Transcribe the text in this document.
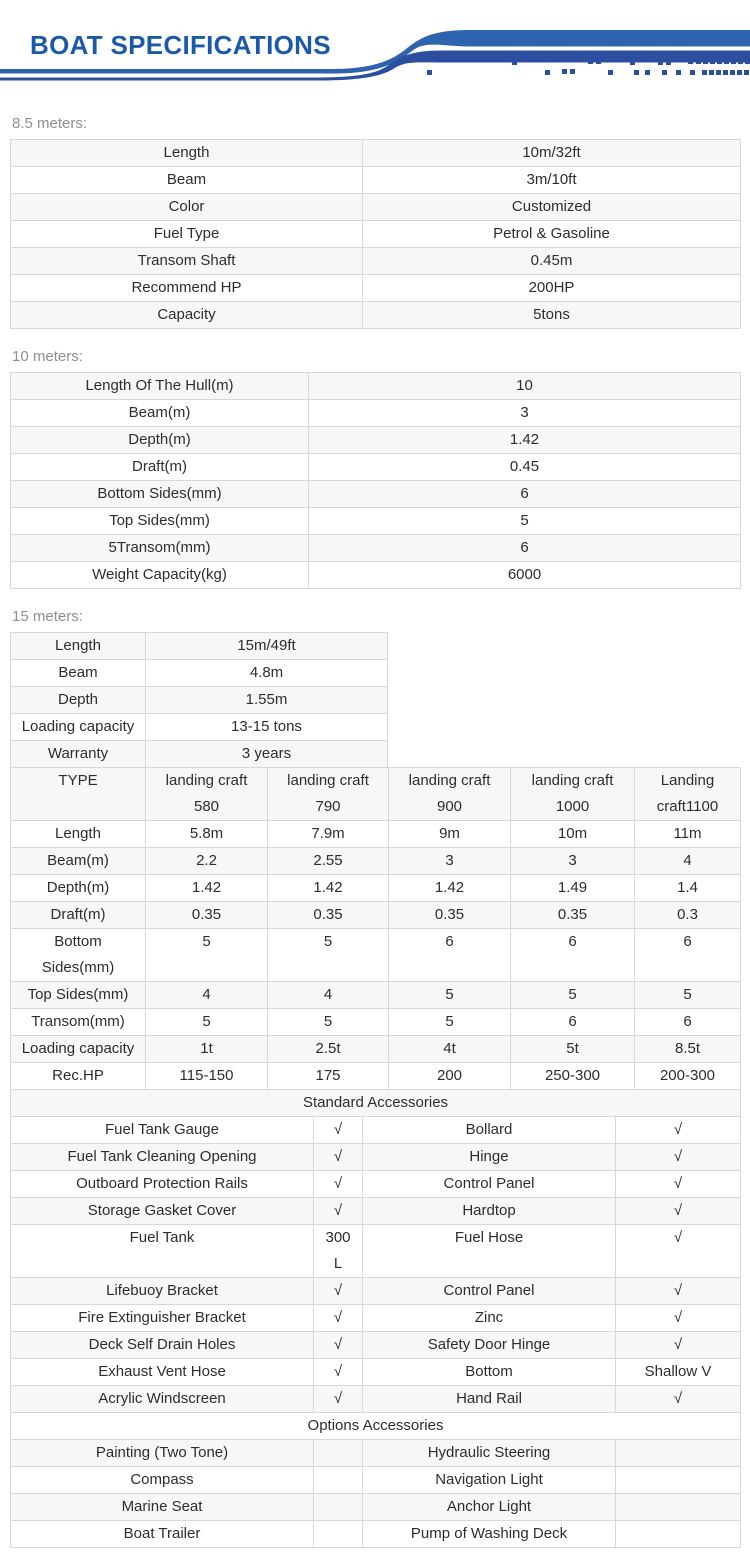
BOAT SPECIFICATIONS
8.5 meters:
Length	10m/32ft
Beam	3m/10ft
Color	Customized
Fuel Type	Petrol & Gasoline
Transom Shaft	0.45m
Recommend HP	200HP
Capacity	5tons
10 meters:
Length Of The Hull(m)	10
Beam(m)	3
Depth(m)	1.42
Draft(m)	0.45
Bottom Sides(mm)	6
Top Sides(mm)	5
5Transom(mm)	6
Weight Capacity(kg)	6000
15 meters:
Length	15m/49ft
Beam	4.8m
Depth	1.55m
Loading capacity	13-15 tons
Warranty	3 years
TYPE	landing craft 580	landing craft 790	landing craft 900	landing craft 1000	Landing craft1100
Length	5.8m	7.9m	9m	10m	11m
Beam(m)	2.2	2.55	3	3	4
Depth(m)	1.42	1.42	1.42	1.49	1.4
Draft(m)	0.35	0.35	0.35	0.35	0.3
Bottom Sides(mm)	5	5	6	6	6
Top Sides(mm)	4	4	5	5	5
Transom(mm)	5	5	5	6	6
Loading capacity	1t	2.5t	4t	5t	8.5t
Rec.HP	115-150	175	200	250-300	200-300
Standard Accessories			
Fuel Tank Gauge	√	Bollard	√
Fuel Tank Cleaning Opening	√	Hinge	√
Outboard Protection Rails	√	Control Panel	√
Storage Gasket Cover	√	Hardtop	√
Fuel Tank	300L	Fuel Hose	√
Lifebuoy Bracket	√	Control Panel	√
Fire Extinguisher Bracket	√	Zinc	√
Deck Self Drain Holes	√	Safety Door Hinge	√
Exhaust Vent Hose	√	Bottom	Shallow V
Acrylic Windscreen	√	Hand Rail	√
Options Accessories			
Painting (Two Tone)		Hydraulic Steering	
Compass		Navigation Light	
Marine Seat		Anchor Light	
Boat Trailer		Pump of Washing Deck	
